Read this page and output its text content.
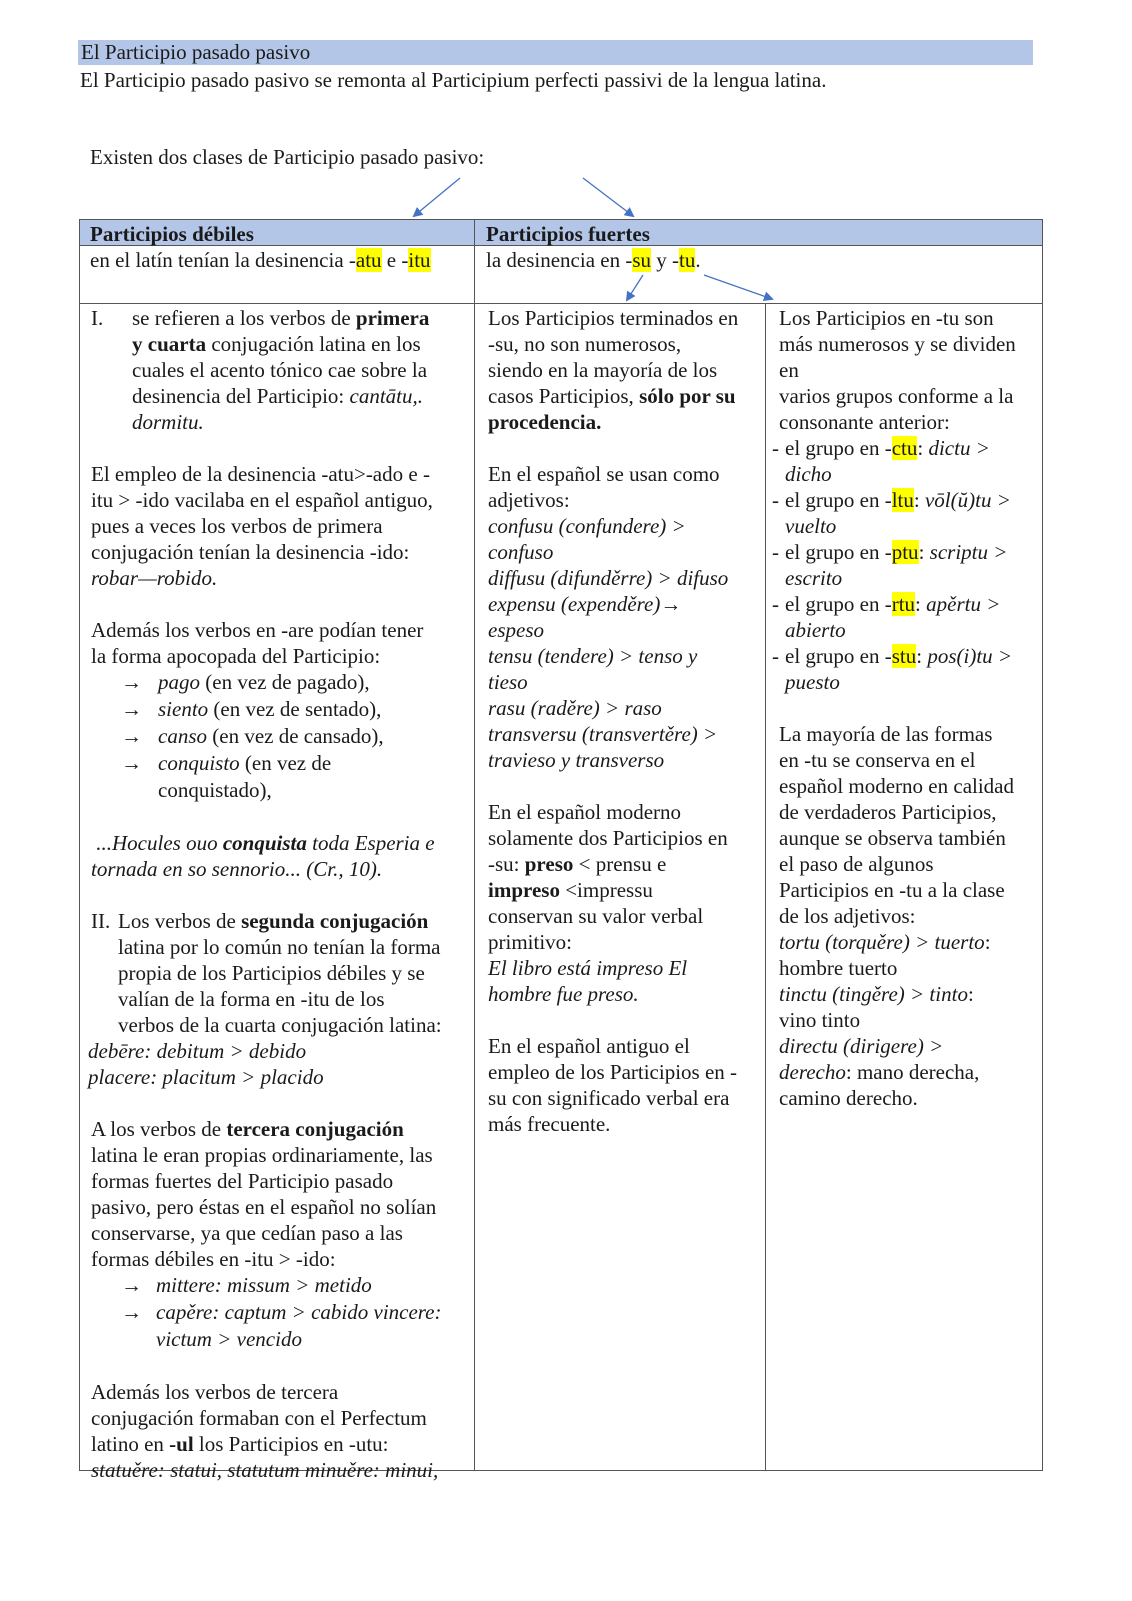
El Participio pasado pasivo
El Participio pasado pasivo se remonta al Participium perfecti passivi de la lengua latina.
Existen dos clases de Participio pasado pasivo:
Participios débiles	Participios fuertes
en el latín tenían la desinencia -atu e -itu	la desinencia en -su y -tu.
I. se refieren a los verbos de primera

y cuarta conjugación latina en los

cuales el acento tónico cae sobre la

desinencia del Participio: cantātu,.

dormitu.

El empleo de la desinencia -atu>-ado e -

itu > -ido vacilaba en el español antiguo,

pues a veces los verbos de primera

conjugación tenían la desinencia -ido:

robar—robido.

Además los verbos en -are podían tener

la forma apocopada del Participio:

→ pago (en vez de pagado),
→ siento (en vez de sentado),
→ canso (en vez de cansado),
→ conquisto (en vez de
conquistado),

...Hocules ouo conquista toda Esperia e

tornada en so sennorio... (Cr., 10).

II. Los verbos de segunda conjugación

latina por lo común no tenían la forma

propia de los Participios débiles y se

valían de la forma en -itu de los

verbos de la cuarta conjugación latina:

debēre: debitum > debido

placere: placitum > placido

A los verbos de tercera conjugación

latina le eran propias ordinariamente, las

formas fuertes del Participio pasado

pasivo, pero éstas en el español no solían

conservarse, ya que cedían paso a las

formas débiles en -itu > -ido:

→ mittere: missum > metido
→ capěre: captum > cabido vincere:
victum > vencido

Además los verbos de tercera

conjugación formaban con el Perfectum

latino en -ul los Participios en -utu:

statuěre: statui, statutum minuěre: minui,

Los Participios terminados en

-su, no son numerosos,

siendo en la mayoría de los

casos Participios, sólo por su

procedencia.

En el español se usan como

adjetivos:

confusu (confundere) >

confuso

diffusu (difunděrre) > difuso

expensu (expenděre)→

espeso

tensu (tendere) > tenso y

tieso

rasu (raděre) > raso

transversu (transvertěre) >

travieso y transverso

En el español moderno

solamente dos Participios en

-su: preso < prensu e

impreso <impressu

conservan su valor verbal

primitivo:

El libro está impreso El

hombre fue preso.

En el español antiguo el

empleo de los Participios en -

su con significado verbal era

más frecuente.

Los Participios en -tu son

más numerosos y se dividen

en

varios grupos conforme a la

consonante anterior:

- el grupo en -ctu: dictu >
dicho
- el grupo en -ltu: vōl(ŭ)tu >
vuelto
- el grupo en -ptu: scriptu >
escrito
- el grupo en -rtu: apěrtu >
abierto
- el grupo en -stu: pos(i)tu >
puesto

La mayoría de las formas

en -tu se conserva en el

español moderno en calidad

de verdaderos Participios,

aunque se observa también

el paso de algunos

Participios en -tu a la clase

de los adjetivos:

tortu (torquěre) > tuerto:

hombre tuerto

tinctu (tingěre) > tinto:

vino tinto

directu (dirigere) >

derecho: mano derecha,

camino derecho.
